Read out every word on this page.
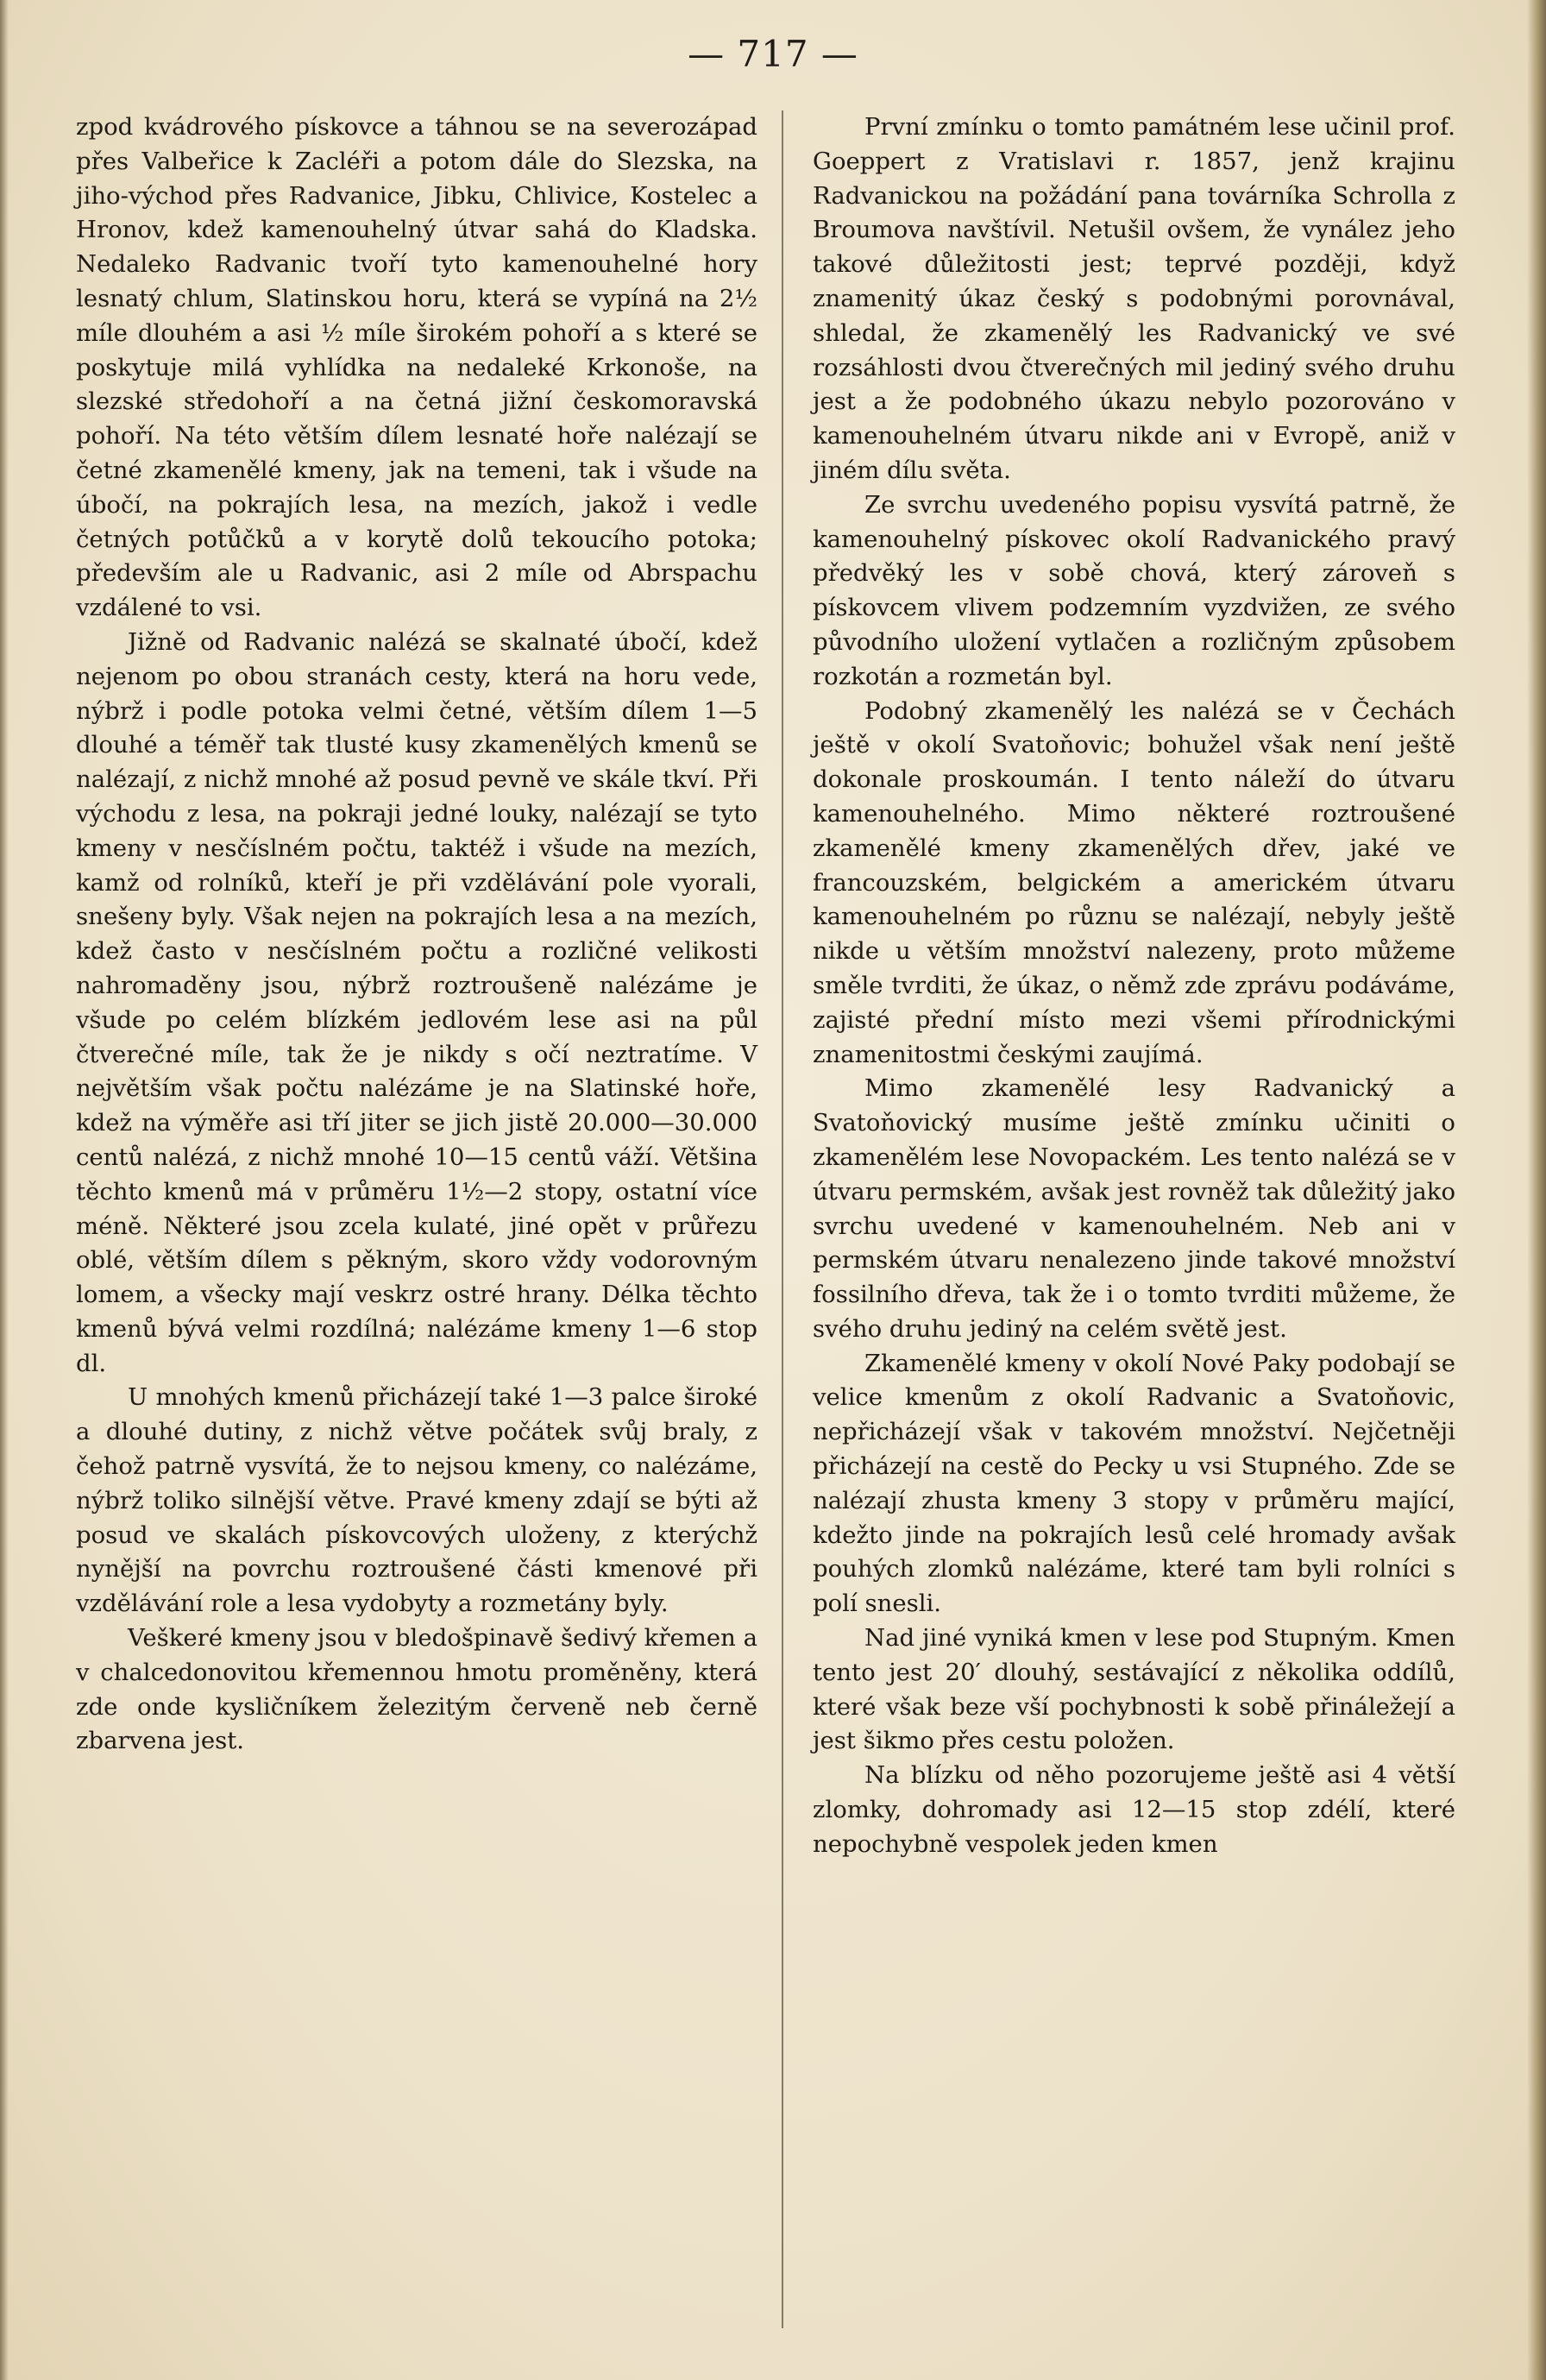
— 717 —

zpod kvádrového pískovce a táhnou se na severozápad přes Valbeřice k Zacléři a potom dále do Slezska, na jiho-východ přes Radvanice, Jibku, Chlivice, Kostelec a Hronov, kdež kamenouhelný útvar sahá do Kladska. Nedaleko Radvanic tvoří tyto kamenouhelné hory lesnatý chlum, Slatinskou horu, která se vypíná na 2½ míle dlouhém a asi ½ míle širokém pohoří a s které se poskytuje milá vyhlídka na nedaleké Krkonoše, na slezské středohoří a na četná jižní českomoravská pohoří. Na této větším dílem lesnaté hoře nalézají se četné zkamenělé kmeny, jak na temeni, tak i všude na úbočí, na pokrajích lesa, na mezích, jakož i vedle četných potůčků a v korytě dolů tekoucího potoka; především ale u Radvanic, asi 2 míle od Abrspachu vzdálené to vsi.

Jižně od Radvanic nalézá se skalnaté úbočí, kdež nejenom po obou stranách cesty, která na horu vede, nýbrž i podle potoka velmi četné, větším dílem 1—5 dlouhé a téměř tak tlusté kusy zkamenělých kmenů se nalézají, z nichž mnohé až posud pevně ve skále tkví. Při východu z lesa, na pokraji jedné louky, nalézají se tyto kmeny v nesčíslném počtu, taktéž i všude na mezích, kamž od rolníků, kteří je při vzdělávání pole vyorali, snešeny byly. Však nejen na pokrajích lesa a na mezích, kdež často v nesčíslném počtu a rozličné velikosti nahromaděny jsou, nýbrž roztroušeně nalézáme je všude po celém blízkém jedlovém lese asi na půl čtverečné míle, tak že je nikdy s očí neztratíme. V největším však počtu nalézáme je na Slatinské hoře, kdež na výměře asi tří jiter se jich jistě 20.000—30.000 centů nalézá, z nichž mnohé 10—15 centů váží. Většina těchto kmenů má v průměru 1½—2 stopy, ostatní více méně. Některé jsou zcela kulaté, jiné opět v průřezu oblé, větším dílem s pěkným, skoro vždy vodorovným lomem, a všecky mají veskrz ostré hrany. Délka těchto kmenů bývá velmi rozdílná; nalézáme kmeny 1—6 stop dl.

U mnohých kmenů přicházejí také 1—3 palce široké a dlouhé dutiny, z nichž větve počátek svůj braly, z čehož patrně vysvítá, že to nejsou kmeny, co nalézáme, nýbrž toliko silnější větve. Pravé kmeny zdají se býti až posud ve skalách pískovcových uloženy, z kterýchž nynější na povrchu roztroušené části kmenové při vzdělávání role a lesa vydobyty a rozmetány byly.

Veškeré kmeny jsou v bledošpinavě šedivý křemen a v chalcedonovitou křemennou hmotu proměněny, která zde onde kysličníkem železitým červeně neb černě zbarvena jest.

První zmínku o tomto památném lese učinil prof. Goeppert z Vratislavi r. 1857, jenž krajinu Radvanickou na požádání pana továrníka Schrolla z Broumova navštívil. Netušil ovšem, že vynález jeho takové důležitosti jest; teprvé později, když znamenitý úkaz český s podobnými porovnával, shledal, že zkamenělý les Radvanický ve své rozsáhlosti dvou čtverečných mil jediný svého druhu jest a že podobného úkazu nebylo pozorováno v kamenouhelném útvaru nikde ani v Evropě, aniž v jiném dílu světa.

Ze svrchu uvedeného popisu vysvítá patrně, že kamenouhelný pískovec okolí Radvanického pravý předvěký les v sobě chová, který zároveň s pískovcem vlivem podzemním vyzdvižen, ze svého původního uložení vytlačen a rozličným způsobem rozkotán a rozmetán byl.

Podobný zkamenělý les nalézá se v Čechách ještě v okolí Svatoňovic; bohužel však není ještě dokonale proskoumán. I tento náleží do útvaru kamenouhelného. Mimo některé roztroušené zkamenělé kmeny zkamenělých dřev, jaké ve francouzském, belgickém a americkém útvaru kamenouhelném po různu se nalézají, nebyly ještě nikde u větším množství nalezeny, proto můžeme směle tvrditi, že úkaz, o němž zde zprávu podáváme, zajisté přední místo mezi všemi přírodnickými znamenitostmi českými zaujímá.

Mimo zkamenělé lesy Radvanický a Svatoňovický musíme ještě zmínku učiniti o zkamenělém lese Novopackém. Les tento nalézá se v útvaru permském, avšak jest rovněž tak důležitý jako svrchu uvedené v kamenouhelném. Neb ani v permském útvaru nenalezeno jinde takové množství fossilního dřeva, tak že i o tomto tvrditi můžeme, že svého druhu jediný na celém světě jest.

Zkamenělé kmeny v okolí Nové Paky podobají se velice kmenům z okolí Radvanic a Svatoňovic, nepřicházejí však v takovém množství. Nejčetněji přicházejí na cestě do Pecky u vsi Stupného. Zde se nalézají zhusta kmeny 3 stopy v průměru mající, kdežto jinde na pokrajích lesů celé hromady avšak pouhých zlomků nalézáme, které tam byli rolníci s polí snesli.

Nad jiné vyniká kmen v lese pod Stupným. Kmen tento jest 20′ dlouhý, sestávající z několika oddílů, které však beze vší pochybnosti k sobě přináležejí a jest šikmo přes cestu položen.

Na blízku od něho pozorujeme ještě asi 4 větší zlomky, dohromady asi 12—15 stop zdélí, které nepochybně vespolek jeden kmen
